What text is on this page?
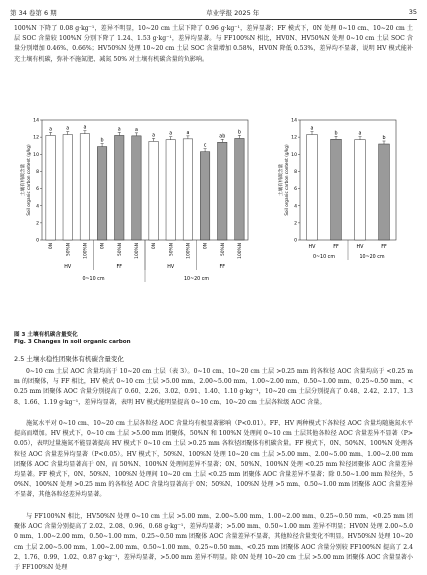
第 34 卷第 6 期	草业学报 2025 年	35
100%N 下降了 0.08 g·kg⁻¹，差异不明显，10~20 cm 土层下降了 0.96 g·kg⁻¹，差异显著；FF 模式下，0N 处理 0~10 cm、10~20 cm 土层 SOC 含量较 100%N 分别下降了 1.24、1.53 g·kg⁻¹，差异均显著。与 FF100%N 相比，HV0N、HV50%N 处理 0~10 cm 土层 SOC 含量分别增加 0.46%、0.66%；HV50%N 处理 10~20 cm 土层 SOC 含量增加 0.58%，HV0N 降低 0.53%，差异均不显著，说明 HV 模式能补充土壤有机碳，弥补不施氮肥、减氮 50% 对土壤有机碳含量的负影响。
0
2
4
6
8
10
12
14
土壤有机碳含量 Soil organic carbon content (g/kg)
a
0N
a
50%N
a
100%N
b
0N
a
50%N
a
100%N
a
0N
a
50%N
a
100%N
c
0N
ab
50%N
b
100%N
HV	FF	HV	FF
0~10 cm	10~20 cm
0
2
4
6
8
10
12
14
土壤有机碳含量 Soil organic carbon content (g/kg)
a
HV
b
FF
a
HV
b
FF
0~10 cm	10~20 cm
图 3 土壤有机碳含量变化
Fig. 3 Changes in soil organic carbon
2.5 土壤水稳性团聚体有机碳含量变化
0~10 cm 土层 AOC 含量均高于 10~20 cm 土层（表 3）。0~10 cm、10~20 cm 土层 >0.25 mm 的各粒径 AOC 含量均高于 <0.25 mm 的团聚体，与 FF 相比，HV 模式 0~10 cm 土层 >5.00 mm、2.00~5.00 mm、1.00~2.00 mm、0.50~1.00 mm、0.25~0.50 mm、<0.25 mm 团聚体 AOC 含量分别提高了 0.60、2.26、3.02、0.91、1.40、1.10 g·kg⁻¹，10~20 cm 土层分别提高了 0.48、2.42、2.17、1.38、1.66、1.19 g·kg⁻¹，差异均显著，表明 HV 模式能明显提高 0~10 cm、10~20 cm 土层各粒级 AOC 含量。
施氮水平对 0~10 cm、10~20 cm 土层各粒径 AOC 含量均有极显著影响（P<0.01）。FF、HV 两种模式下各粒径 AOC 含量均随施氮水平提高而增加。HV 模式下，0~10 cm 土层 >5.00 mm 团聚体，50%N 和 100%N 处理间 0~10 cm 土层其他各粒径 AOC 含量差异不显著（P>0.05），表明过量施氮不能显著提高 HV 模式下 0~10 cm 土层 >0.25 mm 各粒径团聚体有机碳含量。FF 模式下，0N、50%N、100%N 处理各粒径 AOC 含量差异均显著（P<0.05）。HV 模式下，50%N、100%N 处理 10~20 cm 土层 >5.00 mm、2.00~5.00 mm、1.00~2.00 mm 团聚体 AOC 含量均显著高于 0N，而 50%N、100%N 处理间差异不显著；0N、50%N、100%N 处理 <0.25 mm 粒径团聚体 AOC 含量差异均显著。FF 模式下，0N、50%N、100%N 处理间 10~20 cm 土层 <0.25 mm 团聚体 AOC 含量差异不显著；除 0.50~1.00 mm 粒径外，50%N、100%N 处理 >0.25 mm 的各粒径 AOC 含量均显著高于 0N；50%N、100%N 处理 >5 mm、0.50~1.00 mm 团聚体 AOC 含量差异不显著，其他各粒径差异均显著。
与 FF100%N 相比，HV50%N 处理 0~10 cm 土层 >5.00 mm、2.00~5.00 mm、1.00~2.00 mm、0.25~0.50 mm、<0.25 mm 团聚体 AOC 含量分别提高了 2.02、2.08、0.96、0.68 g·kg⁻¹，差异均显著；>5.00 mm、0.50~1.00 mm 差异不明显；HV0N 处理 2.00~5.00 mm、1.00~2.00 mm、0.50~1.00 mm、0.25~0.50 mm 团聚体 AOC 含量差异不显著，其他粒径含量变化不明显。HV50%N 处理 10~20 cm 土层 2.00~5.00 mm、1.00~2.00 mm、0.50~1.00 mm、0.25~0.50 mm、<0.25 mm 团聚体 AOC 含量分别较 FF100%N 提高了 2.42、1.76、0.99、1.02、0.87 g·kg⁻¹，差异均显著，>5.00 mm 差异不明显。除 0N 处理 10~20 cm 土层 >5.00 mm 团聚体 AOC 含量显著小于 FF100%N 处理
